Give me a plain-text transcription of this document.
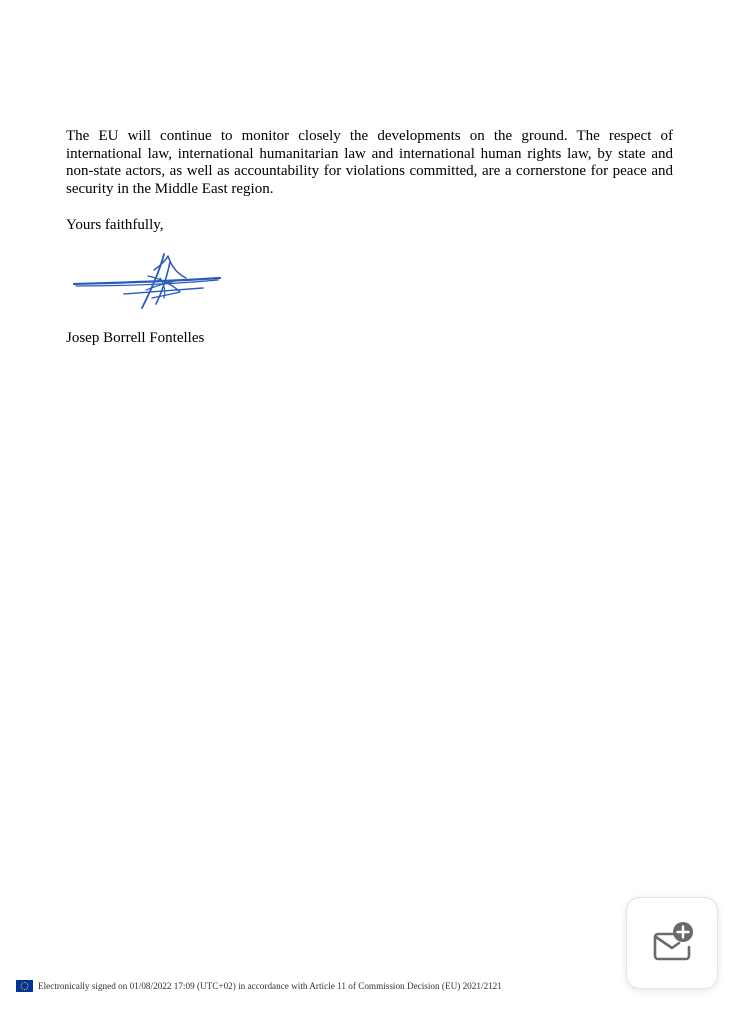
The EU will continue to monitor closely the developments on the ground. The respect of international law, international humanitarian law and international human rights law, by state and non-state actors, as well as accountability for violations committed, are a cornerstone for peace and security in the Middle East region.

Yours faithfully,

Josep Borrell Fontelles

Electronically signed on 01/08/2022 17:09 (UTC+02) in accordance with Article 11 of Commission Decision (EU) 2021/2121
